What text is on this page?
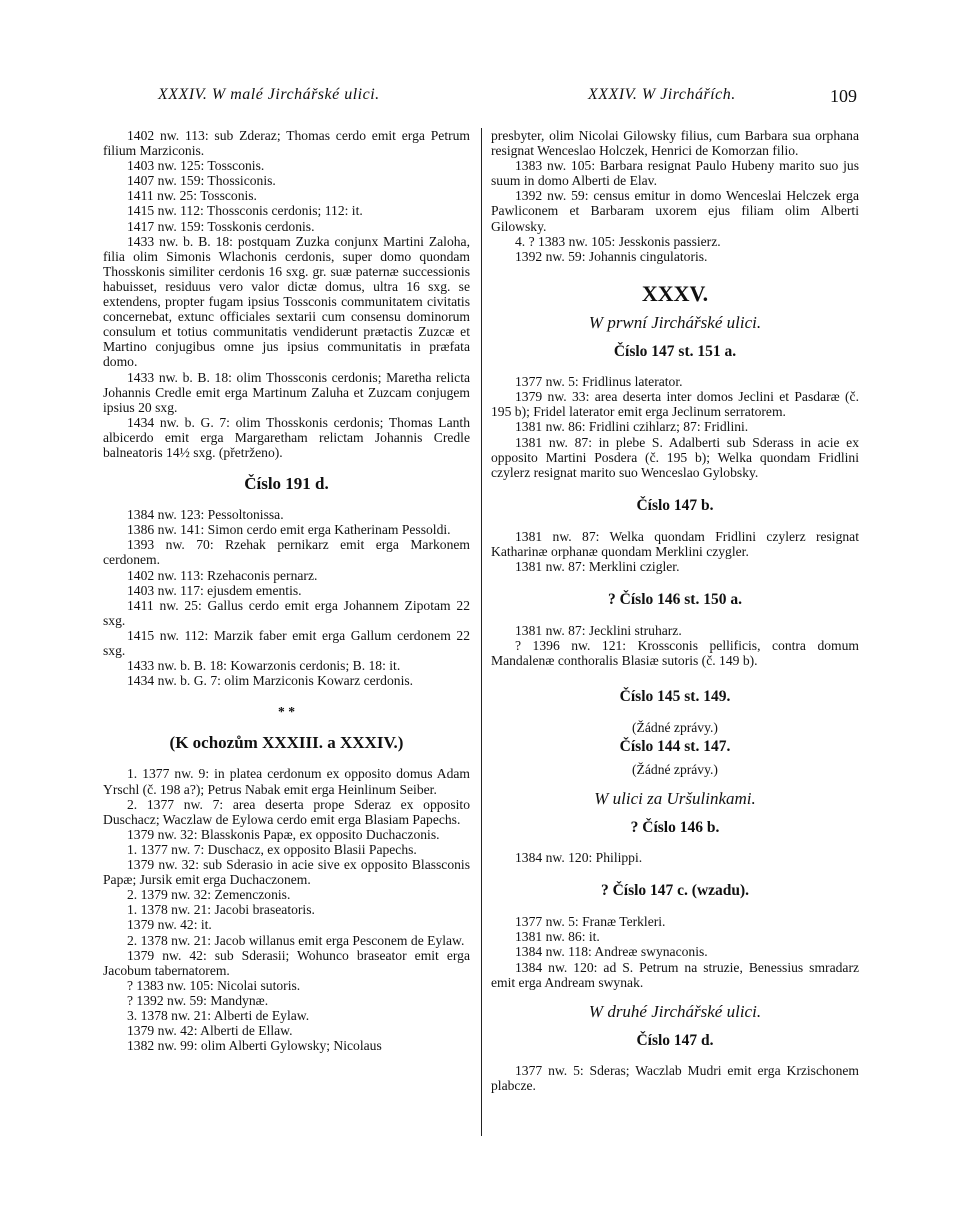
XXXIV. W malé Jirchářské ulici.	XXXIV. W Jirchářích.	109

1402 nw. 113: sub Zderaz; Thomas cerdo emit erga Petrum filium Marziconis.

1403 nw. 125: Tossconis.

1407 nw. 159: Thossiconis.

1411 nw. 25: Tossconis.

1415 nw. 112: Thossconis cerdonis; 112: it.

1417 nw. 159: Tosskonis cerdonis.

1433 nw. b. B. 18: postquam Zuzka conjunx Martini Zaloha, filia olim Simonis Wlachonis cerdonis, super domo quondam Thosskonis similiter cerdonis 16 sxg. gr. suæ paternæ successionis habuisset, residuus vero valor dictæ domus, ultra 16 sxg. se extendens, propter fugam ipsius Tossconis communitatem civitatis concernebat, extunc officiales sextarii cum consensu dominorum consulum et totius communitatis vendiderunt prætactis Zuzcæ et Martino conjugibus omne jus ipsius communitatis in præfata domo.

1433 nw. b. B. 18: olim Thossconis cerdonis; Maretha relicta Johannis Credle emit erga Martinum Zaluha et Zuzcam conjugem ipsius 20 sxg.

1434 nw. b. G. 7: olim Thosskonis cerdonis; Thomas Lanth albicerdo emit erga Margaretham relictam Johannis Credle balneatoris 14½ sxg. (přetrženo).

Číslo 191 d.

1384 nw. 123: Pessoltonissa.

1386 nw. 141: Simon cerdo emit erga Katherinam Pessoldi.

1393 nw. 70: Rzehak pernikarz emit erga Markonem cerdonem.

1402 nw. 113: Rzehaconis pernarz.

1403 nw. 117: ejusdem ementis.

1411 nw. 25: Gallus cerdo emit erga Johannem Zipotam 22 sxg.

1415 nw. 112: Marzik faber emit erga Gallum cerdonem 22 sxg.

1433 nw. b. B. 18: Kowarzonis cerdonis; B. 18: it.

1434 nw. b. G. 7: olim Marziconis Kowarz cerdonis.

* *

(K ochozům XXXIII. a XXXIV.)

1. 1377 nw. 9: in platea cerdonum ex opposito domus Adam Yrschl (č. 198 a?); Petrus Nabak emit erga Heinlinum Seiber.

2. 1377 nw. 7: area deserta prope Sderaz ex opposito Duschacz; Waczlaw de Eylowa cerdo emit erga Blasiam Papechs.

1379 nw. 32: Blasskonis Papæ, ex opposito Duchaczonis.

1. 1377 nw. 7: Duschacz, ex opposito Blasii Papechs.

1379 nw. 32: sub Sderasio in acie sive ex opposito Blassconis Papæ; Jursik emit erga Duchaczonem.

2. 1379 nw. 32: Zemenczonis.

1. 1378 nw. 21: Jacobi braseatoris.

1379 nw. 42: it.

2. 1378 nw. 21: Jacob willanus emit erga Pesconem de Eylaw.

1379 nw. 42: sub Sderasii; Wohunco braseator emit erga Jacobum tabernatorem.

? 1383 nw. 105: Nicolai sutoris.

? 1392 nw. 59: Mandynæ.

3. 1378 nw. 21: Alberti de Eylaw.

1379 nw. 42: Alberti de Ellaw.

1382 nw. 99: olim Alberti Gylowsky; Nicolaus

presbyter, olim Nicolai Gilowsky filius, cum Barbara sua orphana resignat Wenceslao Holczek, Henrici de Komorzan filio.

1383 nw. 105: Barbara resignat Paulo Hubeny marito suo jus suum in domo Alberti de Elav.

1392 nw. 59: census emitur in domo Wenceslai Helczek erga Pawliconem et Barbaram uxorem ejus filiam olim Alberti Gilowsky.

4. ? 1383 nw. 105: Jesskonis passierz.

1392 nw. 59: Johannis cingulatoris.

XXXV.

W prwní Jirchářské ulici.

Číslo 147 st. 151 a.

1377 nw. 5: Fridlinus laterator.

1379 nw. 33: area deserta inter domos Jeclini et Pasdaræ (č. 195 b); Fridel laterator emit erga Jeclinum serratorem.

1381 nw. 86: Fridlini czihlarz; 87: Fridlini.

1381 nw. 87: in plebe S. Adalberti sub Sderass in acie ex opposito Martini Posdera (č. 195 b); Welka quondam Fridlini czylerz resignat marito suo Wenceslao Gylobsky.

Číslo 147 b.

1381 nw. 87: Welka quondam Fridlini czylerz resignat Katharinæ orphanæ quondam Merklini czygler.

1381 nw. 87: Merklini czigler.

? Číslo 146 st. 150 a.

1381 nw. 87: Jecklini struharz.

? 1396 nw. 121: Krossconis pellificis, contra domum Mandalenæ conthoralis Blasiæ sutoris (č. 149 b).

Číslo 145 st. 149.

(Žádné zprávy.)

Číslo 144 st. 147.

(Žádné zprávy.)

W ulici za Uršulinkami.

? Číslo 146 b.

1384 nw. 120: Philippi.

? Číslo 147 c. (wzadu).

1377 nw. 5: Franæ Terkleri.

1381 nw. 86: it.

1384 nw. 118: Andreæ swynaconis.

1384 nw. 120: ad S. Petrum na struzie, Benessius smradarz emit erga Andream swynak.

W druhé Jirchářské ulici.

Číslo 147 d.

1377 nw. 5: Sderas; Waczlab Mudri emit erga Krzischonem plabcze.
